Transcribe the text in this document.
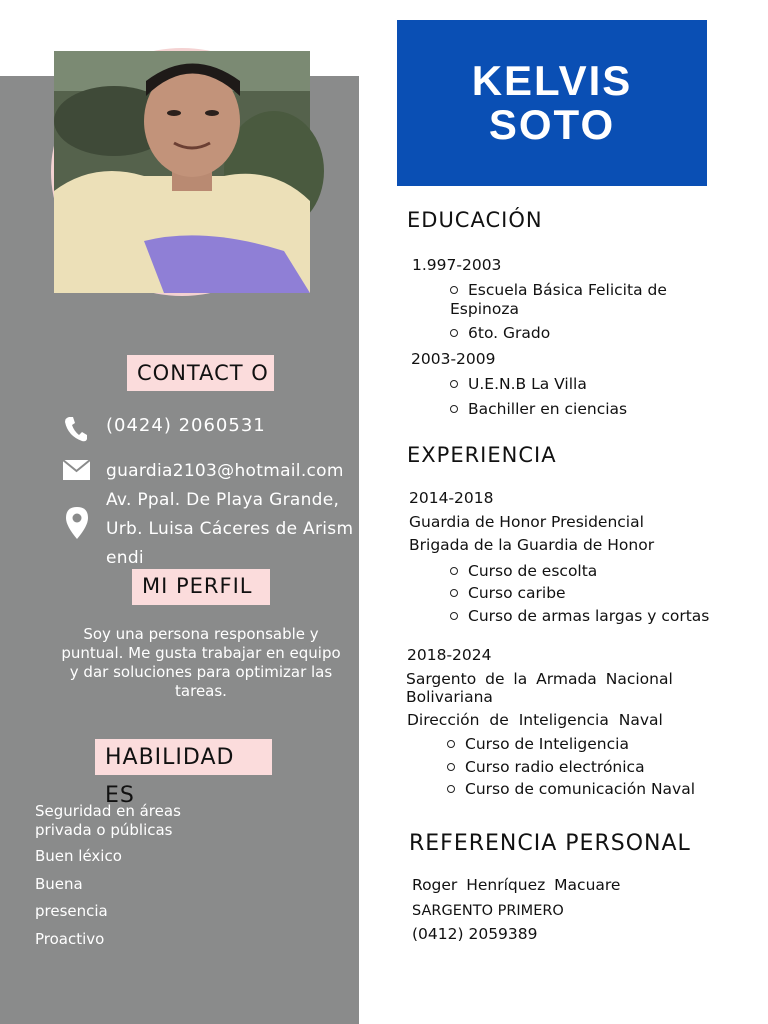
CONTACT O
(0424) 2060531
guardia2103@hotmail.com Av. Ppal. De Playa Grande, Urb. Luisa Cáceres de Arismendi
MI PERFIL
Soy una persona responsable y puntual. Me gusta trabajar en equipo y dar soluciones para optimizar las tareas.
HABILIDAD ES
Seguridad en áreas privada o públicas
Buen léxico
Buena
presencia
Proactivo
KELVIS
SOTO
EDUCACIÓN
1.997-2003
Escuela Básica Felicita de Espinoza
6to. Grado
2003-2009
U.E.N.B La Villa
Bachiller en ciencias
EXPERIENCIA
2014-2018
Guardia de Honor Presidencial
Brigada de la Guardia de Honor
Curso de escolta
Curso caribe
Curso de armas largas y cortas
2018-2024
Sargento de la Armada Nacional Bolivariana
Dirección de Inteligencia Naval
Curso de Inteligencia
Curso radio electrónica
Curso de comunicación Naval
REFERENCIA PERSONAL
Roger Henríquez Macuare
SARGENTO PRIMERO
(0412) 2059389
